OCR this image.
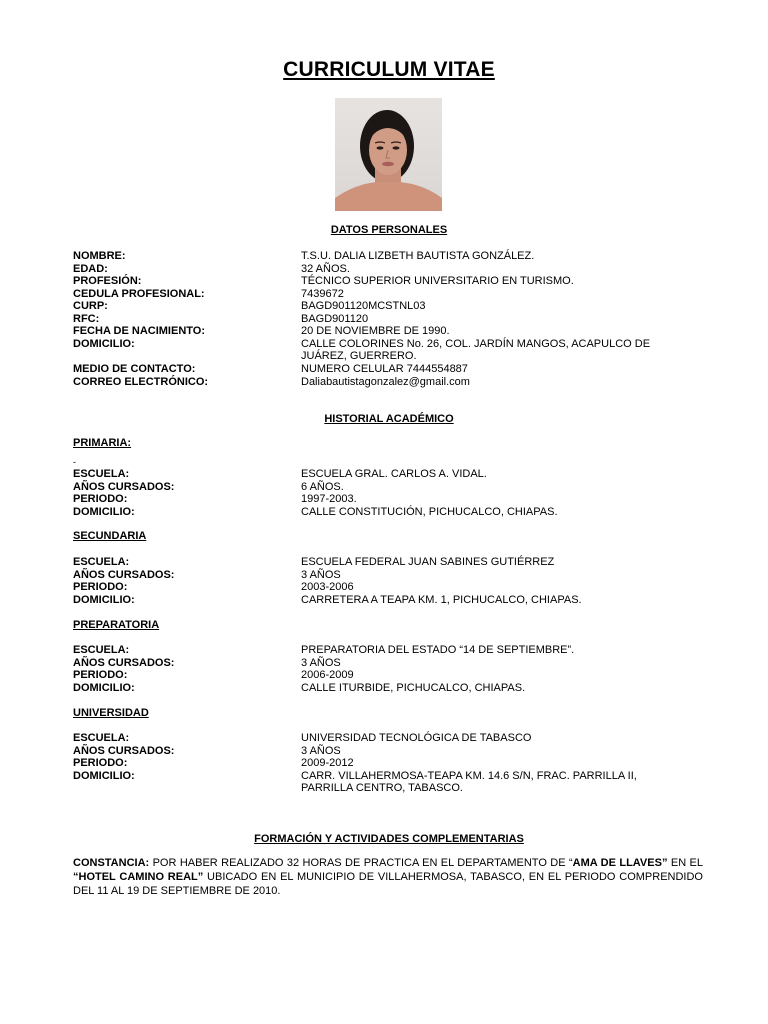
CURRICULUM VITAE
DATOS PERSONALES
NOMBRE:	T.S.U. DALIA LIZBETH BAUTISTA GONZÁLEZ.
EDAD:	32 AÑOS.
PROFESIÓN:	TÉCNICO SUPERIOR UNIVERSITARIO EN TURISMO.
CEDULA PROFESIONAL:	7439672
CURP:	BAGD901120MCSTNL03
RFC:	BAGD901120
FECHA DE NACIMIENTO:	20 DE NOVIEMBRE DE 1990.
DOMICILIO:	CALLE COLORINES No. 26, COL. JARDÍN MANGOS, ACAPULCO DE JUÁREZ, GUERRERO.
MEDIO DE CONTACTO:	NUMERO CELULAR 7444554887
CORREO ELECTRÓNICO:	Daliabautistagonzalez@gmail.com
HISTORIAL ACADÉMICO
PRIMARIA:
-
ESCUELA:	ESCUELA GRAL. CARLOS A. VIDAL.
AÑOS CURSADOS:	6 AÑOS.
PERIODO:	1997-2003.
DOMICILIO:	CALLE CONSTITUCIÓN, PICHUCALCO, CHIAPAS.
SECUNDARIA
ESCUELA:	ESCUELA FEDERAL JUAN SABINES GUTIÉRREZ
AÑOS CURSADOS:	3 AÑOS
PERIODO:	2003-2006
DOMICILIO:	CARRETERA A TEAPA KM. 1, PICHUCALCO, CHIAPAS.
PREPARATORIA
ESCUELA:	PREPARATORIA DEL ESTADO “14 DE SEPTIEMBRE”.
AÑOS CURSADOS:	3 AÑOS
PERIODO:	2006-2009
DOMICILIO:	CALLE ITURBIDE, PICHUCALCO, CHIAPAS.
UNIVERSIDAD
ESCUELA:	UNIVERSIDAD TECNOLÓGICA DE TABASCO
AÑOS CURSADOS:	3 AÑOS
PERIODO:	2009-2012
DOMICILIO:	CARR. VILLAHERMOSA-TEAPA KM. 14.6 S/N, FRAC. PARRILLA II, PARRILLA CENTRO, TABASCO.
FORMACIÓN Y ACTIVIDADES COMPLEMENTARIAS
CONSTANCIA: POR HABER REALIZADO 32 HORAS DE PRACTICA EN EL DEPARTAMENTO DE “AMA DE LLAVES” EN EL “HOTEL CAMINO REAL” UBICADO EN EL MUNICIPIO DE VILLAHERMOSA, TABASCO, EN EL PERIODO COMPRENDIDO DEL 11 AL 19 DE SEPTIEMBRE DE 2010.
